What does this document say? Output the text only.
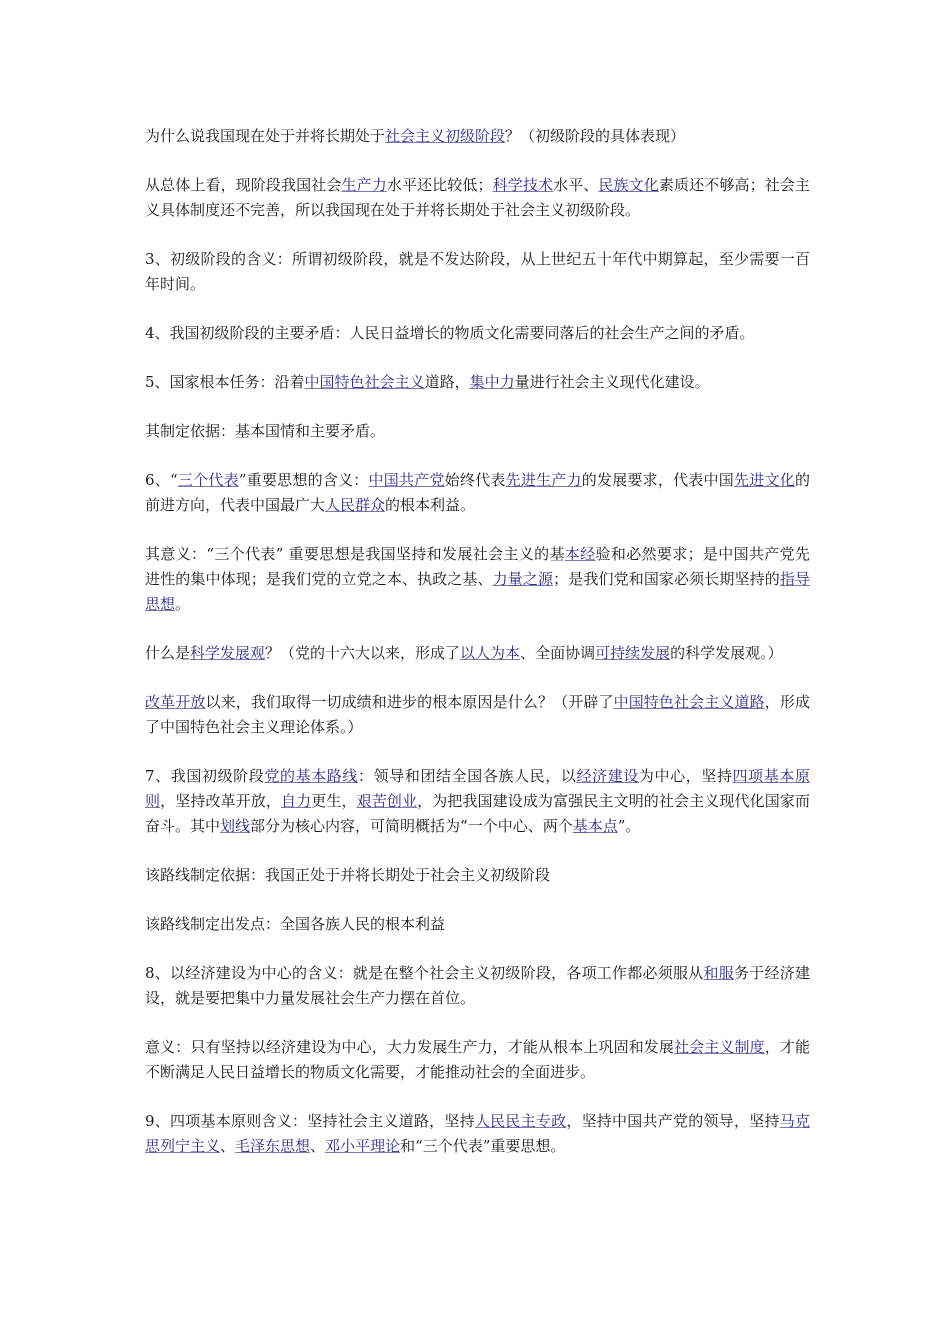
为什么说我国现在处于并将长期处于社会主义初级阶段？（初级阶段的具体表现）

从总体上看，现阶段我国社会生产力水平还比较低；科学技术水平、民族文化素质还不够高；社会主义具体制度还不完善，所以我国现在处于并将长期处于社会主义初级阶段。

3、初级阶段的含义：所谓初级阶段，就是不发达阶段，从上世纪五十年代中期算起，至少需要一百年时间。

4、我国初级阶段的主要矛盾：人民日益增长的物质文化需要同落后的社会生产之间的矛盾。

5、国家根本任务：沿着中国特色社会主义道路，集中力量进行社会主义现代化建设。

其制定依据：基本国情和主要矛盾。

6、“三个代表”重要思想的含义：中国共产党始终代表先进生产力的发展要求，代表中国先进文化的前进方向，代表中国最广大人民群众的根本利益。

其意义：“三个代表” 重要思想是我国坚持和发展社会主义的基本经验和必然要求；是中国共产党先进性的集中体现；是我们党的立党之本、执政之基、力量之源；是我们党和国家必须长期坚持的指导思想。

什么是科学发展观？（党的十六大以来，形成了以人为本、全面协调可持续发展的科学发展观。）

改革开放以来，我们取得一切成绩和进步的根本原因是什么？（开辟了中国特色社会主义道路，形成了中国特色社会主义理论体系。）

7、我国初级阶段党的基本路线：领导和团结全国各族人民，以经济建设为中心，坚持四项基本原则，坚持改革开放，自力更生，艰苦创业，为把我国建设成为富强民主文明的社会主义现代化国家而奋斗。其中划线部分为核心内容，可简明概括为“一个中心、两个基本点”。

该路线制定依据：我国正处于并将长期处于社会主义初级阶段

该路线制定出发点：全国各族人民的根本利益

8、以经济建设为中心的含义：就是在整个社会主义初级阶段，各项工作都必须服从和服务于经济建设，就是要把集中力量发展社会生产力摆在首位。

意义：只有坚持以经济建设为中心，大力发展生产力，才能从根本上巩固和发展社会主义制度，才能不断满足人民日益增长的物质文化需要，才能推动社会的全面进步。

9、四项基本原则含义：坚持社会主义道路，坚持人民民主专政，坚持中国共产党的领导，坚持马克思列宁主义、毛泽东思想、邓小平理论和“三个代表”重要思想。
